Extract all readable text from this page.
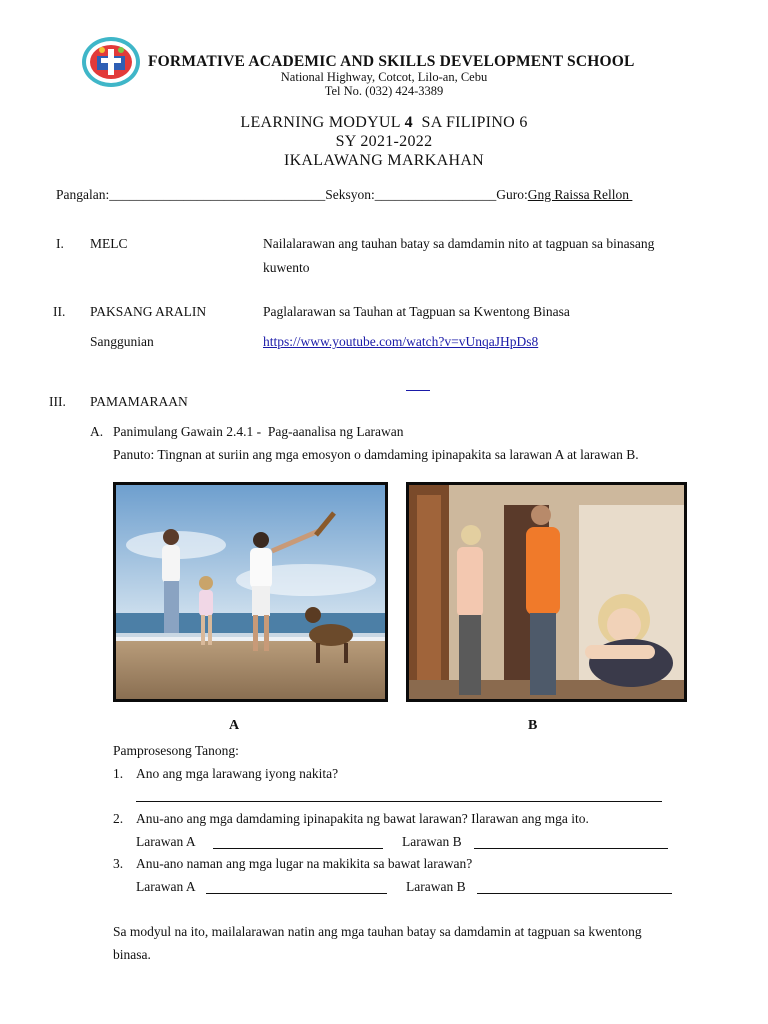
FORMATIVE ACADEMIC AND SKILLS DEVELOPMENT SCHOOL
National Highway, Cotcot, Lilo-an, Cebu
Tel No. (032) 424-3389
LEARNING MODYUL 4  SA FILIPINO 6
SY 2021-2022
IKALAWANG MARKAHAN
Pangalan:________________________________Seksyon:__________________Guro:Gng Raissa Rellon
I. MELC	Nailalarawan ang tauhan batay sa damdamin nito at tagpuan sa binasang
kuwento
II. PAKSANG ARALIN	Paglalarawan sa Tauhan at Tagpuan sa Kwentong Binasa
Sanggunian	https://www.youtube.com/watch?v=vUnqaJHpDs8
III. PAMAMARAAN
A. Panimulang Gawain 2.4.1 -  Pag-aanalisa ng Larawan
Panuto: Tingnan at suriin ang mga emosyon o damdaming ipinapakita sa larawan A at larawan B.
A	B
Pamprosesong Tanong:
1. Ano ang mga larawang iyong nakita?
2. Anu-ano ang mga damdaming ipinapakita ng bawat larawan? Ilarawan ang mga ito.
Larawan A	Larawan B
3. Anu-ano naman ang mga lugar na makikita sa bawat larawan?
Larawan A	Larawan B
Sa modyul na ito, mailalarawan natin ang mga tauhan batay sa damdamin at tagpuan sa kwentong
binasa.
